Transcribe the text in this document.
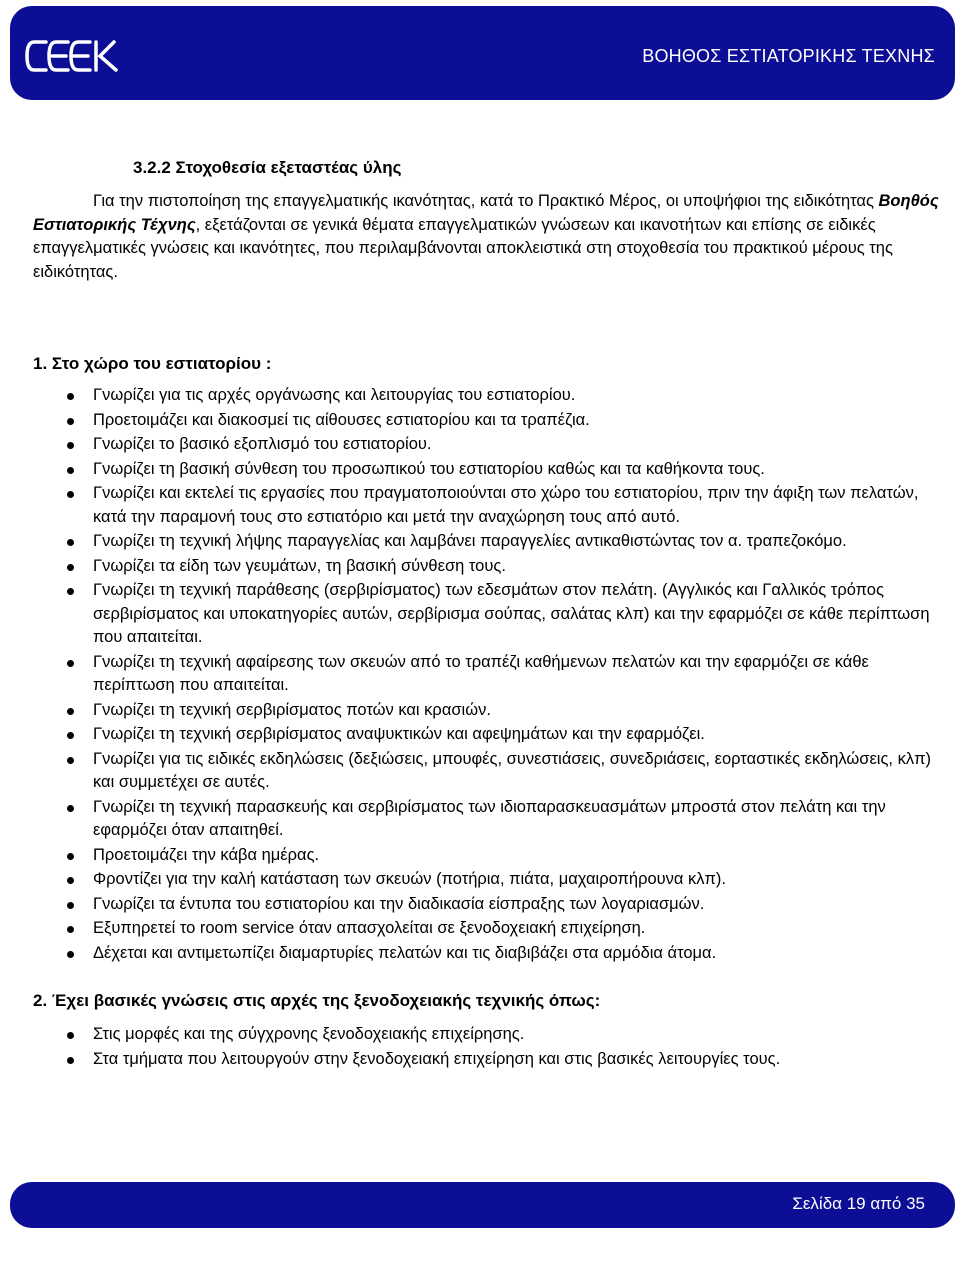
ΒΟΗΘΟΣ ΕΣΤΙΑΤΟΡΙΚΗΣ ΤΕΧΝΗΣ
3.2.2 Στοχοθεσία εξεταστέας ύλης

Για την πιστοποίηση της επαγγελματικής ικανότητας, κατά το Πρακτικό Μέρος, οι υποψήφιοι της ειδικότητας Βοηθός Εστιατορικής Τέχνης, εξετάζονται σε γενικά θέματα επαγγελματικών γνώσεων και ικανοτήτων και επίσης σε ειδικές επαγγελματικές γνώσεις και ικανότητες, που περιλαμβάνονται αποκλειστικά στη στοχοθεσία του πρακτικού μέρους της ειδικότητας.

1. Στο χώρο του εστιατορίου :
Γνωρίζει για τις αρχές οργάνωσης και λειτουργίας του εστιατορίου.
Προετοιμάζει και διακοσμεί τις αίθουσες εστιατορίου και τα τραπέζια.
Γνωρίζει το βασικό εξοπλισμό του εστιατορίου.
Γνωρίζει τη βασική σύνθεση του προσωπικού του εστιατορίου καθώς και τα καθήκοντα τους.
Γνωρίζει και εκτελεί τις εργασίες που πραγματοποιούνται στο χώρο του εστιατορίου, πριν την άφιξη των πελατών, κατά την παραμονή τους στο εστιατόριο και μετά την αναχώρηση τους από αυτό.
Γνωρίζει τη τεχνική λήψης παραγγελίας και λαμβάνει παραγγελίες αντικαθιστώντας τον α. τραπεζοκόμο.
Γνωρίζει τα είδη των γευμάτων, τη βασική σύνθεση τους.
Γνωρίζει τη τεχνική παράθεσης (σερβιρίσματος) των εδεσμάτων στον πελάτη. (Αγγλικός και Γαλλικός τρόπος σερβιρίσματος και υποκατηγορίες αυτών, σερβίρισμα σούπας, σαλάτας κλπ) και την εφαρμόζει σε κάθε περίπτωση που απαιτείται.
Γνωρίζει τη τεχνική αφαίρεσης των σκευών από το τραπέζι καθήμενων πελατών και την εφαρμόζει σε κάθε περίπτωση που απαιτείται.
Γνωρίζει τη τεχνική σερβιρίσματος ποτών και κρασιών.
Γνωρίζει τη τεχνική σερβιρίσματος αναψυκτικών και αφεψημάτων και την εφαρμόζει.
Γνωρίζει για τις ειδικές εκδηλώσεις (δεξιώσεις, μπουφές, συνεστιάσεις, συνεδριάσεις, εορταστικές εκδηλώσεις, κλπ) και συμμετέχει σε αυτές.
Γνωρίζει τη τεχνική παρασκευής και σερβιρίσματος των ιδιοπαρασκευασμάτων μπροστά στον πελάτη και την εφαρμόζει όταν απαιτηθεί.
Προετοιμάζει την κάβα ημέρας.
Φροντίζει για την καλή κατάσταση των σκευών (ποτήρια, πιάτα, μαχαιροπήρουνα κλπ).
Γνωρίζει τα έντυπα του εστιατορίου και την διαδικασία είσπραξης των λογαριασμών.
Εξυπηρετεί το room service όταν απασχολείται σε ξενοδοχειακή επιχείρηση.
Δέχεται και αντιμετωπίζει διαμαρτυρίες πελατών και τις διαβιβάζει στα αρμόδια άτομα.
2. Έχει βασικές γνώσεις στις αρχές της ξενοδοχειακής τεχνικής όπως:
Στις μορφές και της σύγχρονης ξενοδοχειακής επιχείρησης.
Στα τμήματα που λειτουργούν στην ξενοδοχειακή επιχείρηση και στις βασικές λειτουργίες τους.
Σελίδα 19 από 35
